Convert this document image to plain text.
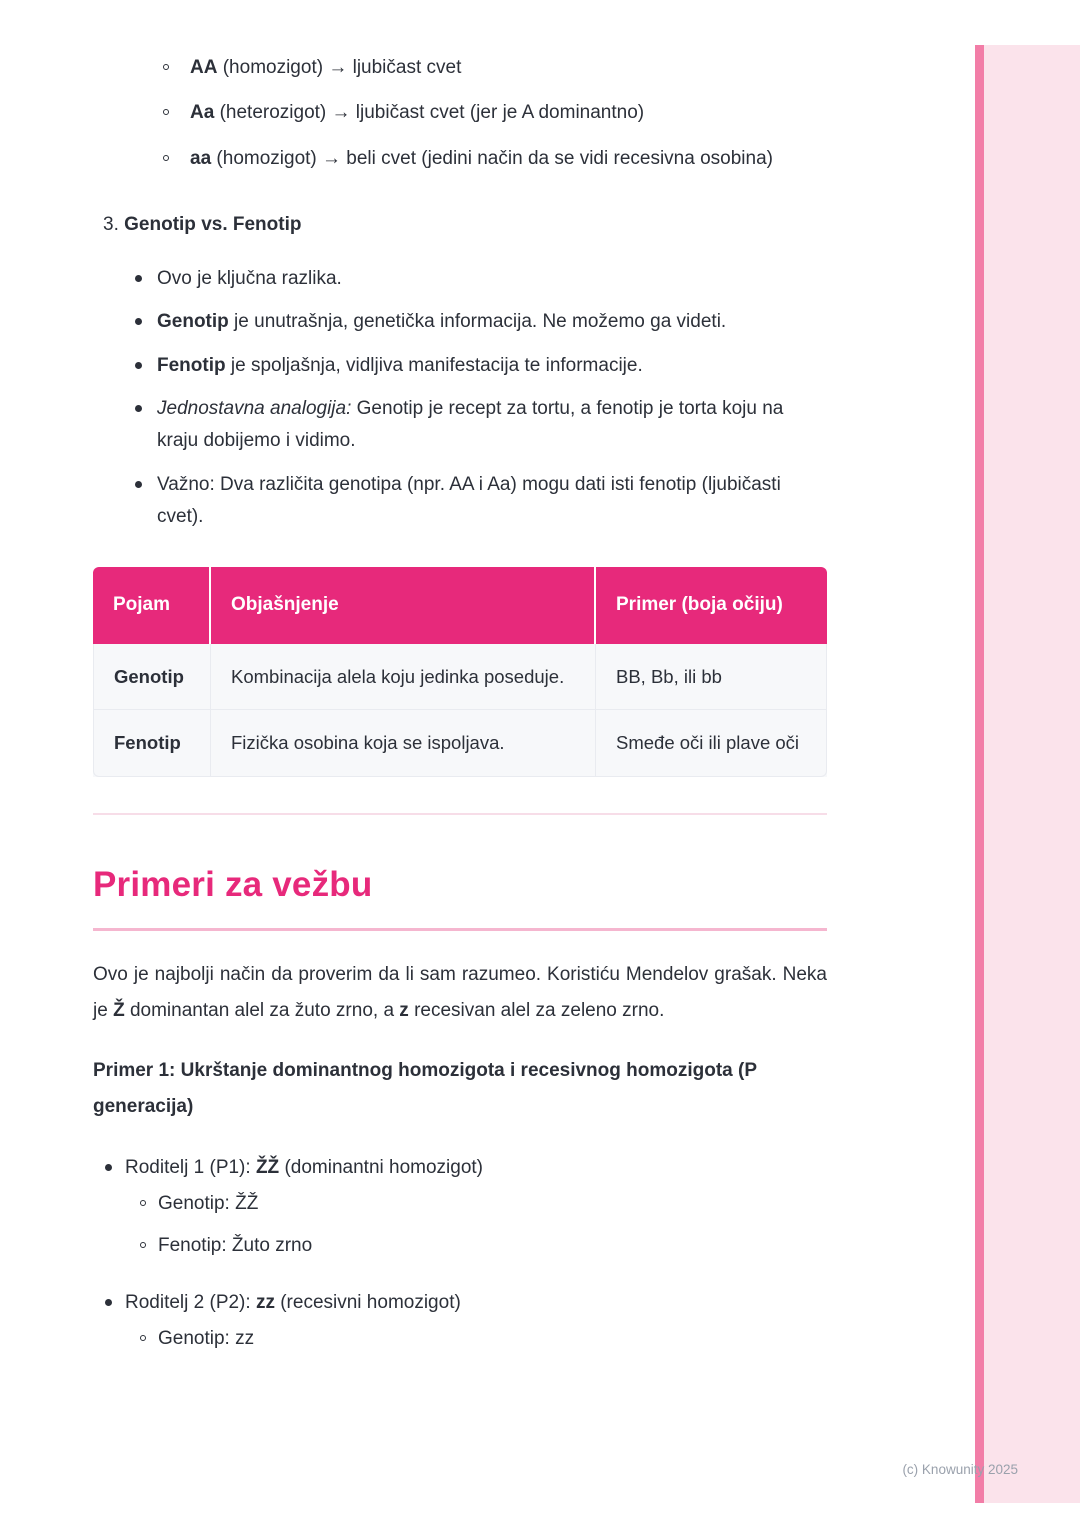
AA (homozigot) → ljubičast cvet
Aa (heterozigot) → ljubičast cvet (jer je A dominantno)
aa (homozigot) → beli cvet (jedini način da se vidi recesivna osobina)
3. Genotip vs. Fenotip
Ovo je ključna razlika.
Genotip je unutrašnja, genetička informacija. Ne možemo ga videti.
Fenotip je spoljašnja, vidljiva manifestacija te informacije.
Jednostavna analogija: Genotip je recept za tortu, a fenotip je torta koju na kraju dobijemo i vidimo.
Važno: Dva različita genotipa (npr. AA i Aa) mogu dati isti fenotip (ljubičasti cvet).
Pojam	Objašnjenje	Primer (boja očiju)
Genotip	Kombinacija alela koju jedinka poseduje.	BB, Bb, ili bb
Fenotip	Fizička osobina koja se ispoljava.	Smeđe oči ili plave oči
Primeri za vežbu

Ovo je najbolji način da proverim da li sam razumeo. Koristiću Mendelov grašak. Neka je Ž dominantan alel za žuto zrno, a z recesivan alel za zeleno zrno.

Primer 1: Ukrštanje dominantnog homozigota i recesivnog homozigota (P generacija)

Roditelj 1 (P1): ŽŽ (dominantni homozigot)
Genotip: ŽŽ
Fenotip: Žuto zrno
Roditelj 2 (P2): zz (recesivni homozigot)
Genotip: zz
(c) Knowunity 2025
